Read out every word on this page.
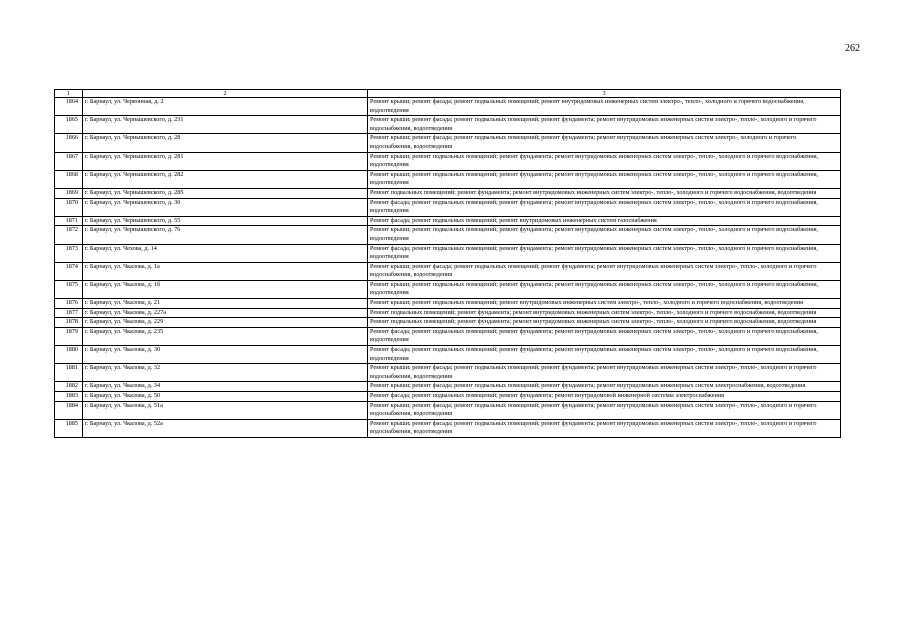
262
1	2	3
1864	г. Барнаул, ул. Червонная, д. 2	Ремонт крыши; ремонт фасада; ремонт подвальных помещений; ремонт внутридомовых инженерных систем электро-, тепло-, холодного и горячего водоснабжения, водоотведения
1865	г. Барнаул, ул. Чернышевского, д. 231	Ремонт крыши; ремонт фасада; ремонт подвальных помещений; ремонт фундамента; ремонт внутридомовых инженерных систем электро-, тепло-, холодного и горячего водоснабжения, водоотведения
1866	г. Барнаул, ул. Чернышевского, д. 28	Ремонт крыши; ремонт фасада; ремонт подвальных помещений; ремонт фундамента; ремонт внутридомовых инженерных систем электро-, холодного и горячего водоснабжения, водоотведения
1867	г. Барнаул, ул. Чернышевского, д. 281	Ремонт крыши; ремонт подвальных помещений; ремонт фундамента; ремонт внутридомовых инженерных систем электро-, тепло-, холодного и горячего водоснабжения, водоотведения
1868	г. Барнаул, ул. Чернышевского, д. 282	Ремонт крыши; ремонт подвальных помещений; ремонт фундамента; ремонт внутридомовых инженерных систем электро-, тепло-, холодного и горячего водоснабжения, водоотведения
1869	г. Барнаул, ул. Чернышевского, д. 285	Ремонт подвальных помещений; ремонт фундамента; ремонт внутридомовых инженерных систем электро-, тепло-, холодного и горячего водоснабжения, водоотведения
1870	г. Барнаул, ул. Чернышевского, д. 30	Ремонт фасада; ремонт подвальных помещений; ремонт фундамента; ремонт внутридомовых инженерных систем электро-, тепло-, холодного и горячего водоснабжения, водоотведения
1871	г. Барнаул, ул. Чернышевского, д. 55	Ремонт фасада; ремонт подвальных помещений; ремонт внутридомовых инженерных систем газоснабжения
1872	г. Барнаул, ул. Чернышевского, д. 76	Ремонт крыши; ремонт подвальных помещений; ремонт фундамента; ремонт внутридомовых инженерных систем электро-, тепло-, холодного и горячего водоснабжения, водоотведения
1873	г. Барнаул, ул. Чехова, д. 14	Ремонт фасада; ремонт подвальных помещений; ремонт фундамента; ремонт внутридомовых инженерных систем электро-, тепло-, холодного и горячего водоснабжения, водоотведения
1874	г. Барнаул, ул. Чкалова, д. 1а	Ремонт крыши; ремонт фасада; ремонт подвальных помещений; ремонт фундамента; ремонт внутридомовых инженерных систем электро-, тепло-, холодного и горячего водоснабжения, водоотведения
1875	г. Барнаул, ул. Чкалова, д. 1б	Ремонт крыши; ремонт подвальных помещений; ремонт фундамента; ремонт внутридомовых инженерных систем электро-, тепло-, холодного и горячего водоснабжения, водоотведения
1876	г. Барнаул, ул. Чкалова, д. 21	Ремонт крыши; ремонт подвальных помещений; ремонт внутридомовых инженерных систем электро-, тепло-, холодного и горячего водоснабжения, водоотведения
1877	г. Барнаул, ул. Чкалова, д. 227а	Ремонт подвальных помещений; ремонт фундамента; ремонт внутридомовых инженерных систем электро-, тепло-, холодного и горячего водоснабжения, водоотведения
1878	г. Барнаул, ул. Чкалова, д. 229	Ремонт подвальных помещений; ремонт фундамента; ремонт внутридомовых инженерных систем электро-, тепло-, холодного и горячего водоснабжения, водоотведения
1879	г. Барнаул, ул. Чкалова, д. 235	Ремонт фасада; ремонт подвальных помещений; ремонт фундамента; ремонт внутридомовых инженерных систем электро-, тепло-, холодного и горячего водоснабжения, водоотведения
1880	г. Барнаул, ул. Чкалова, д. 30	Ремонт фасада; ремонт подвальных помещений; ремонт фундамента; ремонт внутридомовых инженерных систем электро-, тепло-, холодного и горячего водоснабжения, водоотведения
1881	г. Барнаул, ул. Чкалова, д. 32	Ремонт крыши; ремонт фасада; ремонт подвальных помещений; ремонт фундамента; ремонт внутридомовых инженерных систем электро-, тепло-, холодного и горячего водоснабжения, водоотведения
1882	г. Барнаул, ул. Чкалова, д. 34	Ремонт крыши; ремонт фасада; ремонт подвальных помещений; ремонт фундамента; ремонт внутридомовых инженерных систем электроснабжения, водоотведения
1883	г. Барнаул, ул. Чкалова, д. 50	Ремонт фасада; ремонт подвальных помещений; ремонт фундамента; ремонт внутридомовой инженерной системы электроснабжения
1884	г. Барнаул, ул. Чкалова, д. 51а	Ремонт крыши; ремонт фасада; ремонт подвальных помещений; ремонт фундамента; ремонт внутридомовых инженерных систем электро-, тепло-, холодного и горячего водоснабжения, водоотведения
1885	г. Барнаул, ул. Чкалова, д. 52а	Ремонт крыши; ремонт фасада; ремонт подвальных помещений; ремонт фундамента; ремонт внутридомовых инженерных систем электро-, тепло-, холодного и горячего водоснабжения, водоотведения
